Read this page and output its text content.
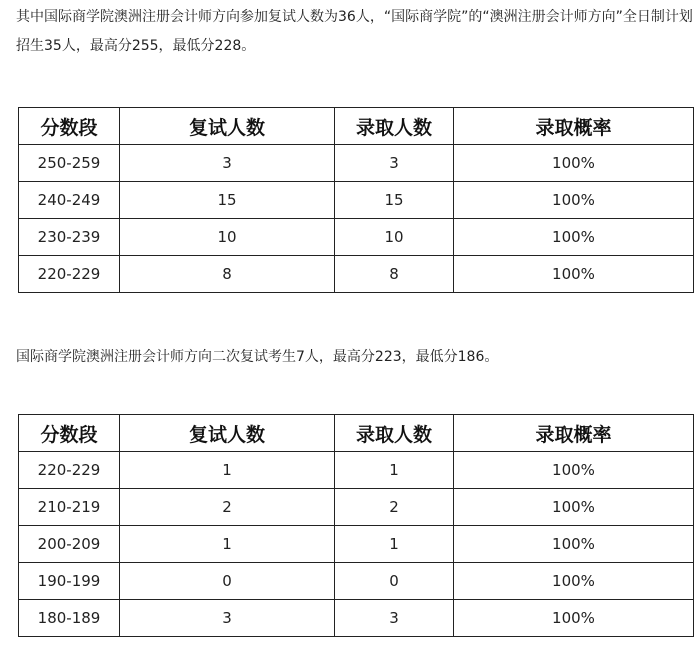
其中国际商学院澳洲注册会计师方向参加复试人数为36人，“国际商学院”的“澳洲注册会计师方向”全日制计划招生35人，最高分255，最低分228。

分数段	复试人数	录取人数	录取概率
250-259	3	3	100%
240-249	15	15	100%
230-239	10	10	100%
220-229	8	8	100%

国际商学院澳洲注册会计师方向二次复试考生7人，最高分223，最低分186。

分数段	复试人数	录取人数	录取概率
220-229	1	1	100%
210-219	2	2	100%
200-209	1	1	100%
190-199	0	0	100%
180-189	3	3	100%
